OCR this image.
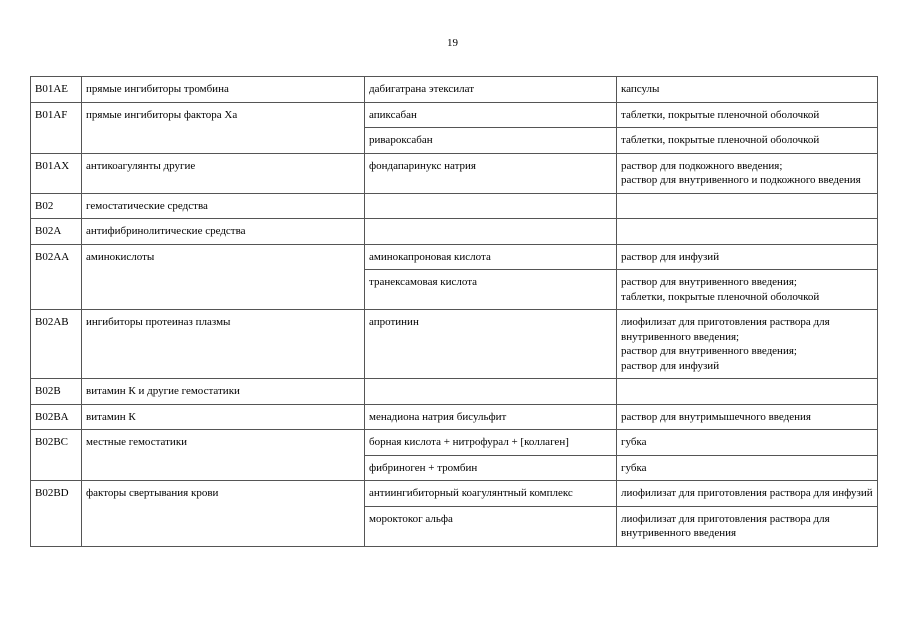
19
B01AE	прямые ингибиторы тромбина	дабигатрана этексилат	капсулы
B01AF	прямые ингибиторы фактора Xa	апиксабан	таблетки, покрытые пленочной оболочкой
		ривароксабан	таблетки, покрытые пленочной оболочкой
B01AX	антикоагулянты другие	фондапаринукс натрия	раствор для подкожного введения;
раствор для внутривенного и подкожного введения
B02	гемостатические средства		
B02A	антифибринолитические средства		
B02AA	аминокислоты	аминокапроновая кислота	раствор для инфузий
		транексамовая кислота	раствор для внутривенного введения;
таблетки, покрытые пленочной оболочкой
B02AB	ингибиторы протеиназ плазмы	апротинин	лиофилизат для приготовления раствора для внутривенного введения;
раствор для внутривенного введения;
раствор для инфузий
B02B	витамин К и другие гемостатики		
B02BA	витамин К	менадиона натрия бисульфит	раствор для внутримышечного введения
B02BC	местные гемостатики	борная кислота + нитрофурал + [коллаген]	губка
		фибриноген + тромбин	губка
B02BD	факторы свертывания крови	антиингибиторный коагулянтный комплекс	лиофилизат для приготовления раствора для инфузий
		мороктоког альфа	лиофилизат для приготовления раствора для внутривенного введения
